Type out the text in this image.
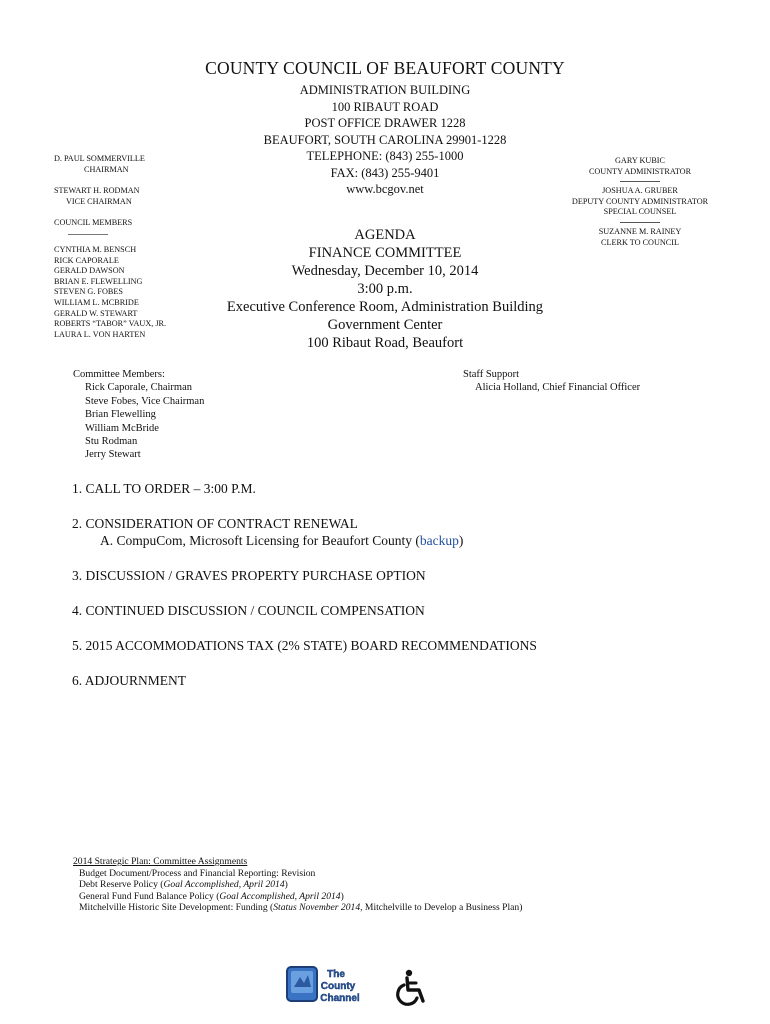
COUNTY COUNCIL OF BEAUFORT COUNTY
ADMINISTRATION BUILDING
100 RIBAUT ROAD
POST OFFICE DRAWER 1228
BEAUFORT, SOUTH CAROLINA 29901-1228
TELEPHONE: (843) 255-1000
FAX: (843) 255-9401
www.bcgov.net
D. PAUL SOMMERVILLE
CHAIRMAN
STEWART H. RODMAN
VICE CHAIRMAN
COUNCIL MEMBERS
CYNTHIA M. BENSCH
RICK CAPORALE
GERALD DAWSON
BRIAN E. FLEWELLING
STEVEN G. FOBES
WILLIAM L. MCBRIDE
GERALD W. STEWART
ROBERTS “TABOR” VAUX, JR.
LAURA L. VON HARTEN
GARY KUBIC
COUNTY ADMINISTRATOR
JOSHUA A. GRUBER
DEPUTY COUNTY ADMINISTRATOR
SPECIAL COUNSEL
SUZANNE M. RAINEY
CLERK TO COUNCIL
AGENDA
FINANCE COMMITTEE
Wednesday, December 10, 2014
3:00 p.m.
Executive Conference Room, Administration Building
Government Center
100 Ribaut Road, Beaufort
Committee Members:
Rick Caporale, Chairman
Steve Fobes, Vice Chairman
Brian Flewelling
William McBride
Stu Rodman
Jerry Stewart
Staff Support
Alicia Holland, Chief Financial Officer
1. CALL TO ORDER – 3:00 P.M.
2. CONSIDERATION OF CONTRACT RENEWAL
A. CompuCom, Microsoft Licensing for Beaufort County (backup)
3. DISCUSSION / GRAVES PROPERTY PURCHASE OPTION
4. CONTINUED DISCUSSION / COUNCIL COMPENSATION
5. 2015 ACCOMMODATIONS TAX (2% STATE) BOARD RECOMMENDATIONS
6. ADJOURNMENT
2014 Strategic Plan: Committee Assignments
Budget Document/Process and Financial Reporting: Revision
Debt Reserve Policy (Goal Accomplished, April 2014)
General Fund Fund Balance Policy (Goal Accomplished, April 2014)
Mitchelville Historic Site Development: Funding (Status November 2014, Mitchelville to Develop a Business Plan)
The
County
Channel
